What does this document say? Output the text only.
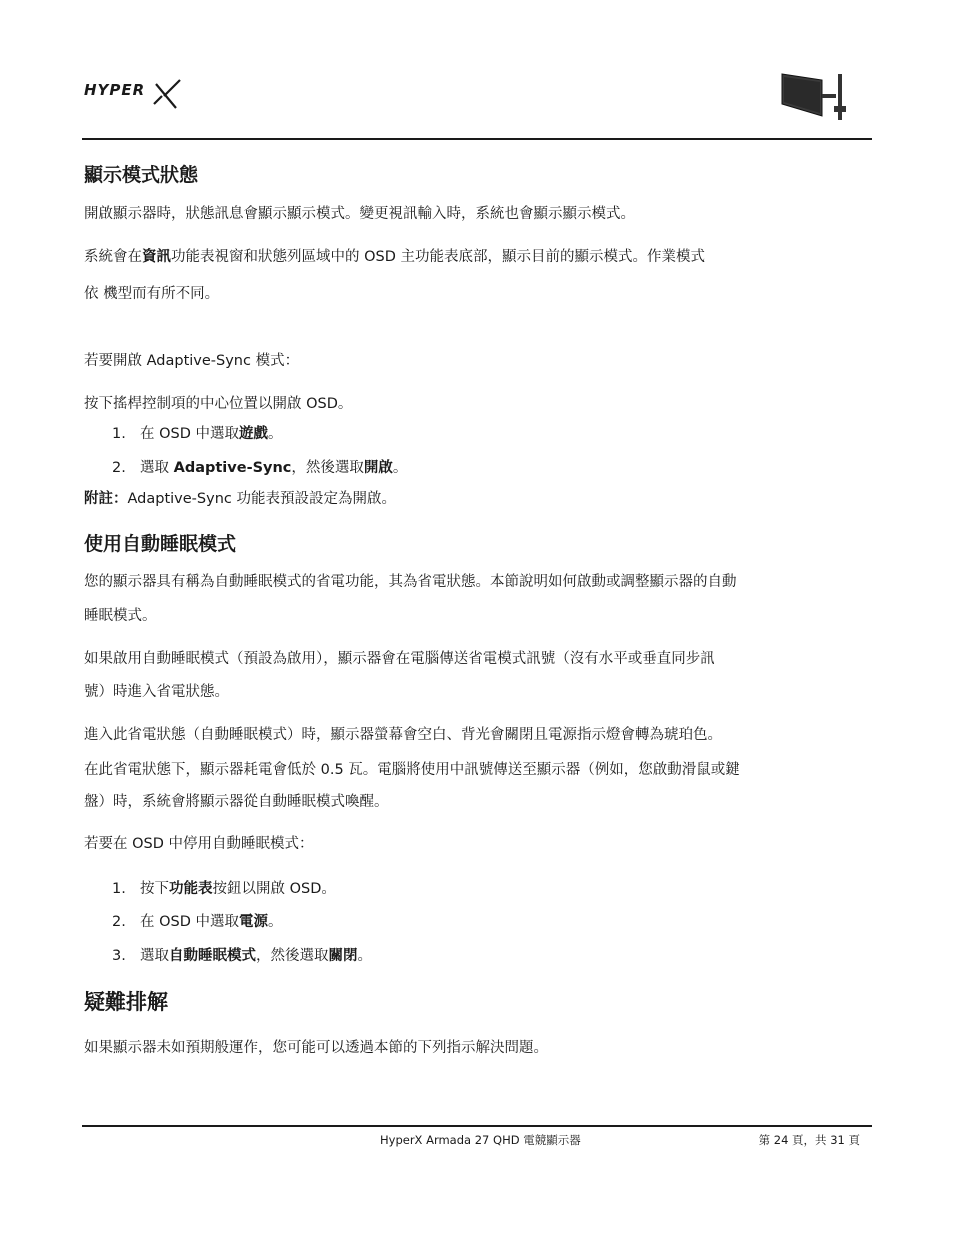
HYPER
顯示模式狀態

開啟顯示器時，狀態訊息會顯示顯示模式。變更視訊輸入時，系統也會顯示顯示模式。

系統會在資訊功能表視窗和狀態列區域中的 OSD 主功能表底部，顯示目前的顯示模式。作業模式

依 機型而有所不同。

若要開啟 Adaptive-Sync 模式：

按下搖桿控制項的中心位置以開啟 OSD。

1. 在 OSD 中選取遊戲。
2. 選取 Adaptive-Sync，然後選取開啟。

附註：Adaptive-Sync 功能表預設設定為開啟。

使用自動睡眠模式

您的顯示器具有稱為自動睡眠模式的省電功能，其為省電狀態。本節說明如何啟動或調整顯示器的自動

睡眠模式。

如果啟用自動睡眠模式（預設為啟用），顯示器會在電腦傳送省電模式訊號（沒有水平或垂直同步訊

號）時進入省電狀態。

進入此省電狀態（自動睡眠模式）時，顯示器螢幕會空白、背光會關閉且電源指示燈會轉為琥珀色。

在此省電狀態下，顯示器耗電會低於 0.5 瓦。電腦將使用中訊號傳送至顯示器（例如，您啟動滑鼠或鍵

盤）時，系統會將顯示器從自動睡眠模式喚醒。

若要在 OSD 中停用自動睡眠模式：

1. 按下功能表按鈕以開啟 OSD。
2. 在 OSD 中選取電源。
3. 選取自動睡眠模式，然後選取關閉。
疑難排解

如果顯示器未如預期般運作，您可能可以透過本節的下列指示解決問題。

HyperX Armada 27 QHD 電競顯示器	第 24 頁，共 31 頁
